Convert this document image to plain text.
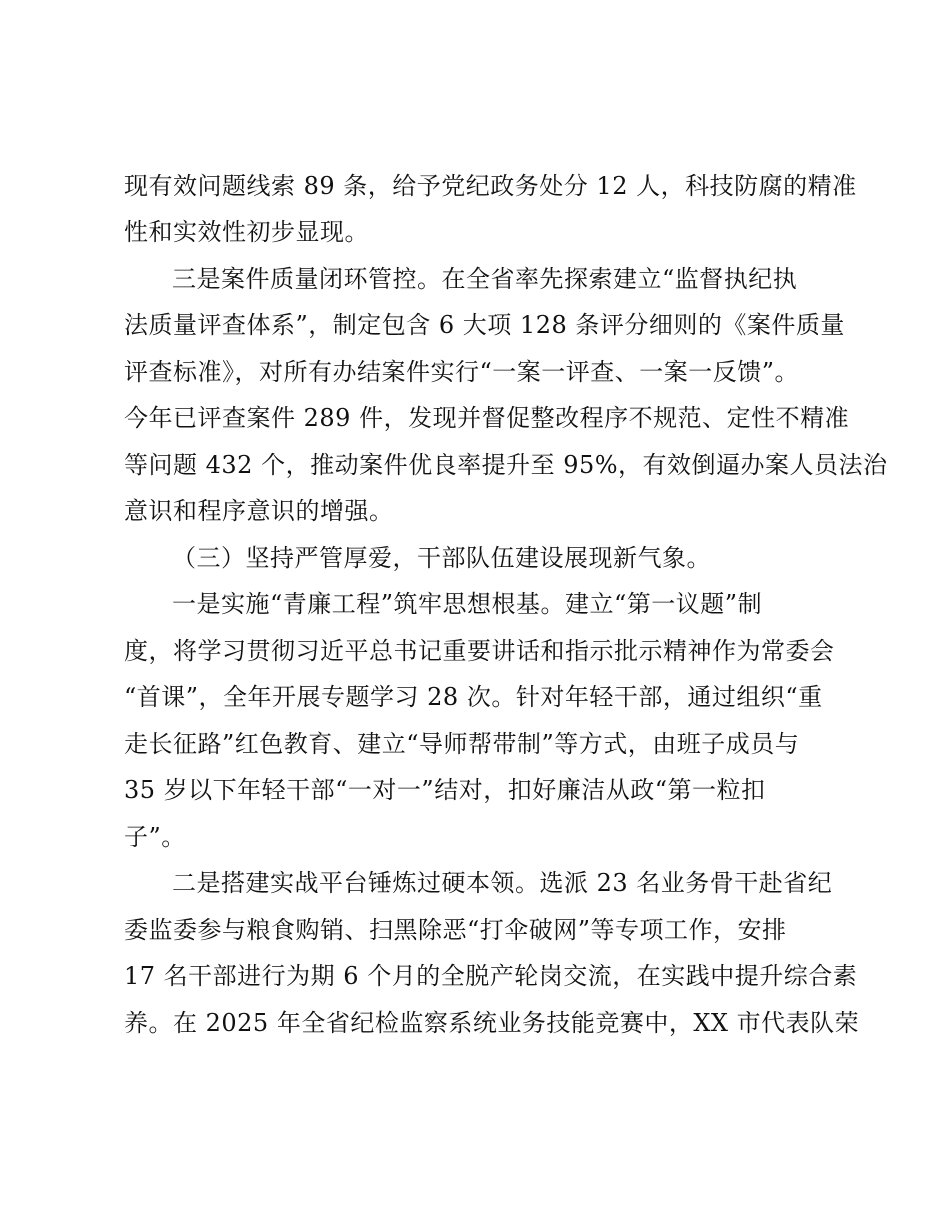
现有效问题线索 89 条，给予党纪政务处分 12 人，科技防腐的精准
性和实效性初步显现。
三是案件质量闭环管控。在全省率先探索建立“监督执纪执
法质量评查体系”，制定包含 6 大项 128 条评分细则的《案件质量
评查标准》，对所有办结案件实行“一案一评查、一案一反馈”。
今年已评查案件 289 件，发现并督促整改程序不规范、定性不精准
等问题 432 个，推动案件优良率提升至 95%，有效倒逼办案人员法治
意识和程序意识的增强。
（三）坚持严管厚爱，干部队伍建设展现新气象。
一是实施“青廉工程”筑牢思想根基。建立“第一议题”制
度，将学习贯彻习近平总书记重要讲话和指示批示精神作为常委会
“首课”，全年开展专题学习 28 次。针对年轻干部，通过组织“重
走长征路”红色教育、建立“导师帮带制”等方式，由班子成员与
35 岁以下年轻干部“一对一”结对，扣好廉洁从政“第一粒扣
子”。
二是搭建实战平台锤炼过硬本领。选派 23 名业务骨干赴省纪
委监委参与粮食购销、扫黑除恶“打伞破网”等专项工作，安排
17 名干部进行为期 6 个月的全脱产轮岗交流，在实践中提升综合素
养。在 2025 年全省纪检监察系统业务技能竞赛中，XX 市代表队荣
